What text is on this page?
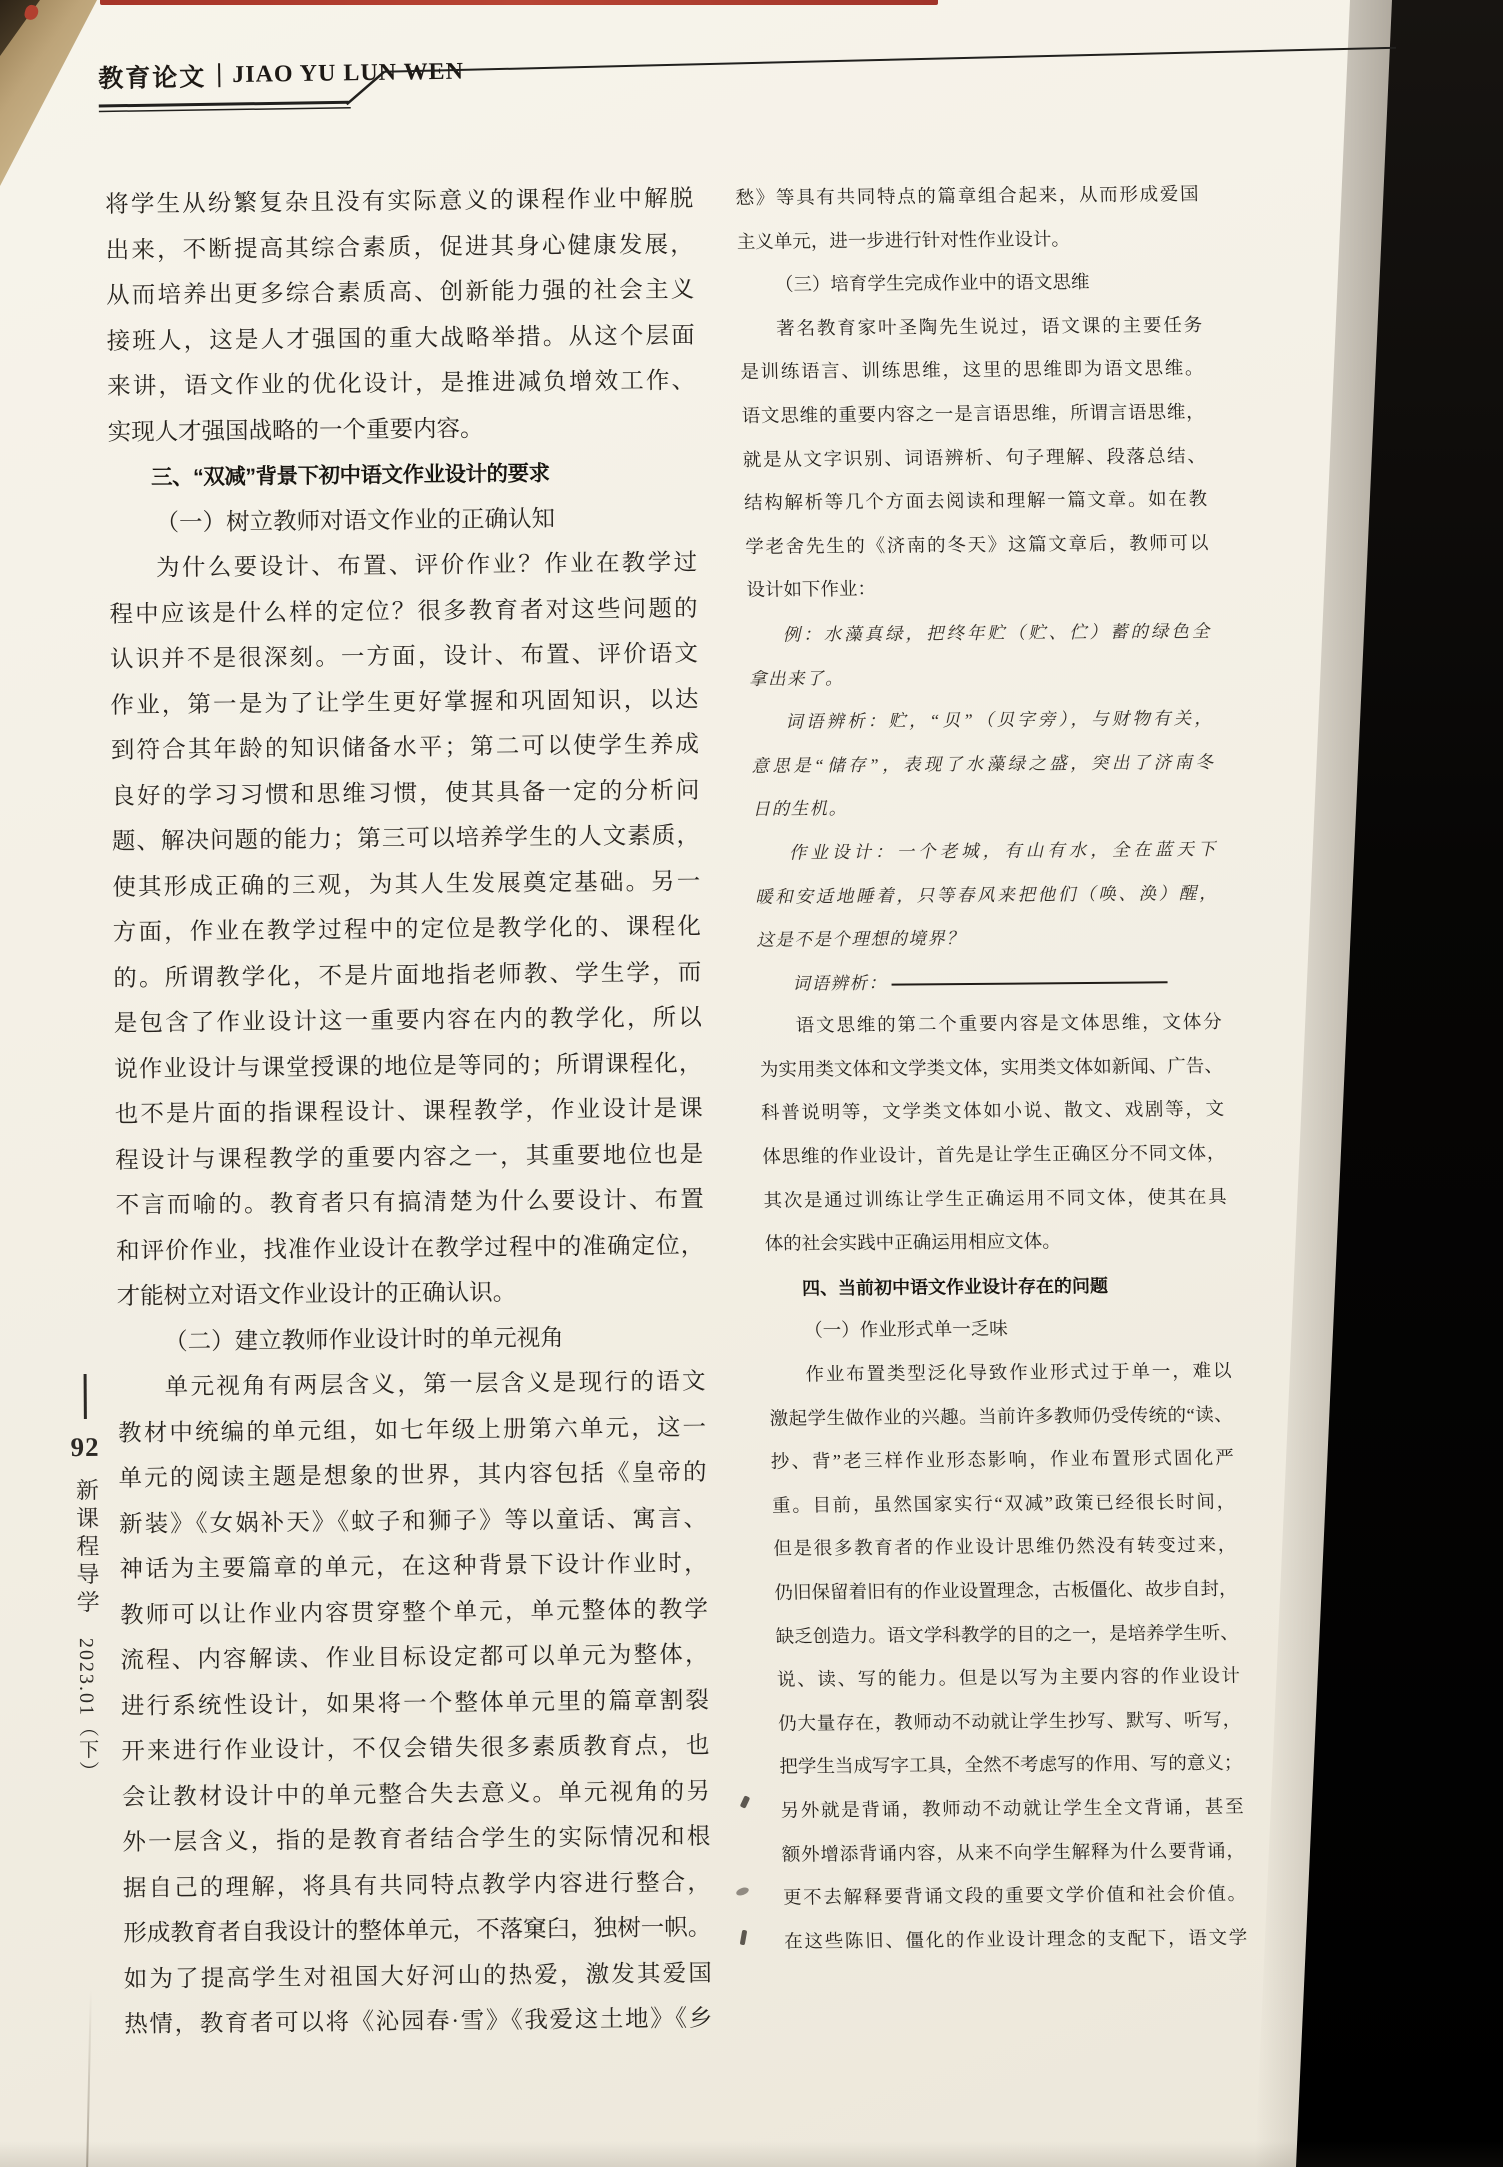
教育论文 JIAO YU LUN WEN
将学生从纷繁复杂且没有实际意义的课程作业中解脱
出来，不断提高其综合素质，促进其身心健康发展，
从而培养出更多综合素质高、创新能力强的社会主义
接班人，这是人才强国的重大战略举措。从这个层面
来讲，语文作业的优化设计，是推进减负增效工作、
实现人才强国战略的一个重要内容。
三、“双减”背景下初中语文作业设计的要求
（一）树立教师对语文作业的正确认知
为什么要设计、布置、评价作业？作业在教学过
程中应该是什么样的定位？很多教育者对这些问题的
认识并不是很深刻。一方面，设计、布置、评价语文
作业，第一是为了让学生更好掌握和巩固知识，以达
到符合其年龄的知识储备水平；第二可以使学生养成
良好的学习习惯和思维习惯，使其具备一定的分析问
题、解决问题的能力；第三可以培养学生的人文素质，
使其形成正确的三观，为其人生发展奠定基础。另一
方面，作业在教学过程中的定位是教学化的、课程化
的。所谓教学化，不是片面地指老师教、学生学，而
是包含了作业设计这一重要内容在内的教学化，所以
说作业设计与课堂授课的地位是等同的；所谓课程化，
也不是片面的指课程设计、课程教学，作业设计是课
程设计与课程教学的重要内容之一，其重要地位也是
不言而喻的。教育者只有搞清楚为什么要设计、布置
和评价作业，找准作业设计在教学过程中的准确定位，
才能树立对语文作业设计的正确认识。
（二）建立教师作业设计时的单元视角
单元视角有两层含义，第一层含义是现行的语文
教材中统编的单元组，如七年级上册第六单元，这一
单元的阅读主题是想象的世界，其内容包括《皇帝的
新装》《女娲补天》《蚊子和狮子》等以童话、寓言、
神话为主要篇章的单元，在这种背景下设计作业时，
教师可以让作业内容贯穿整个单元，单元整体的教学
流程、内容解读、作业目标设定都可以单元为整体，
进行系统性设计，如果将一个整体单元里的篇章割裂
开来进行作业设计，不仅会错失很多素质教育点，也
会让教材设计中的单元整合失去意义。单元视角的另
外一层含义，指的是教育者结合学生的实际情况和根
据自己的理解，将具有共同特点教学内容进行整合，
形成教育者自我设计的整体单元，不落窠臼，独树一帜。
如为了提高学生对祖国大好河山的热爱，激发其爱国
热情，教育者可以将《沁园春·雪》《我爱这土地》《乡
愁》等具有共同特点的篇章组合起来，从而形成爱国
主义单元，进一步进行针对性作业设计。
（三）培育学生完成作业中的语文思维
著名教育家叶圣陶先生说过，语文课的主要任务
是训练语言、训练思维，这里的思维即为语文思维。
语文思维的重要内容之一是言语思维，所谓言语思维，
就是从文字识别、词语辨析、句子理解、段落总结、
结构解析等几个方面去阅读和理解一篇文章。如在教
学老舍先生的《济南的冬天》这篇文章后，教师可以
设计如下作业：
例：水藻真绿，把终年贮（贮、伫）蓄的绿色全
拿出来了。
词语辨析：贮，“贝”（贝字旁），与财物有关，
意思是“储存”，表现了水藻绿之盛，突出了济南冬
日的生机。
作业设计：一个老城，有山有水，全在蓝天下
暖和安适地睡着，只等春风来把他们（唤、涣）醒，
这是不是个理想的境界？
词语辨析：
语文思维的第二个重要内容是文体思维，文体分
为实用类文体和文学类文体，实用类文体如新闻、广告、
科普说明等，文学类文体如小说、散文、戏剧等，文
体思维的作业设计，首先是让学生正确区分不同文体，
其次是通过训练让学生正确运用不同文体，使其在具
体的社会实践中正确运用相应文体。
四、当前初中语文作业设计存在的问题
（一）作业形式单一乏味
作业布置类型泛化导致作业形式过于单一，难以
激起学生做作业的兴趣。当前许多教师仍受传统的“读、
抄、背”老三样作业形态影响，作业布置形式固化严
重。目前，虽然国家实行“双减”政策已经很长时间，
但是很多教育者的作业设计思维仍然没有转变过来，
仍旧保留着旧有的作业设置理念，古板僵化、故步自封，
缺乏创造力。语文学科教学的目的之一，是培养学生听、
说、读、写的能力。但是以写为主要内容的作业设计
仍大量存在，教师动不动就让学生抄写、默写、听写，
把学生当成写字工具，全然不考虑写的作用、写的意义；
另外就是背诵，教师动不动就让学生全文背诵，甚至
额外增添背诵内容，从来不向学生解释为什么要背诵，
更不去解释要背诵文段的重要文学价值和社会价值。
在这些陈旧、僵化的作业设计理念的支配下，语文学
92
新课程导学
2023.01（下）
